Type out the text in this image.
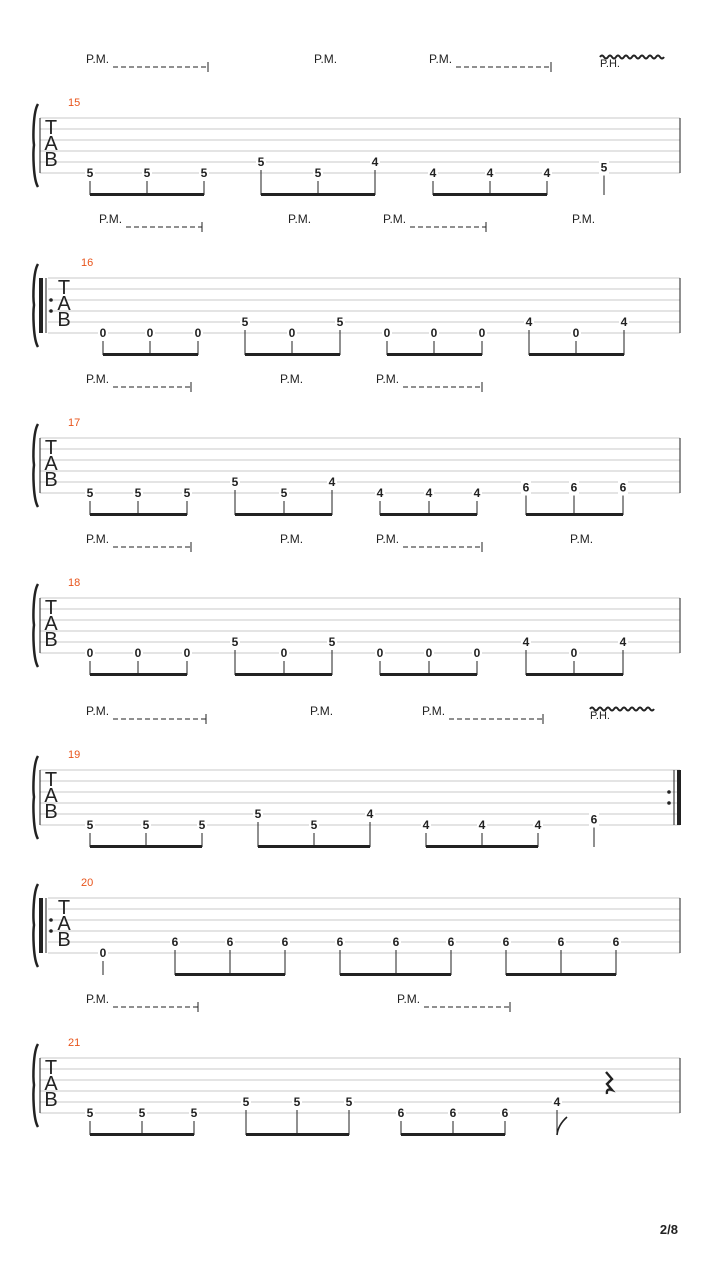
15
T
A
B
P.M.	P.M.	P.M.	P.H.
5	5	5
5
5
4
4	4	4	5
16
T
A
B
P.M.	P.M.	P.M.	P.M.
0	0	0
5
0
5
0	0	0
4
0
4
17
T
A
B
P.M.	P.M.	P.M.
5	5	5
5
5
4
4	4	4	6	6	6
18
T
A
B
P.M.	P.M.	P.M.	P.M.
0	0	0
5
0
5
0	0	0
4
0
4
19
T
A
B
P.M.	P.M.	P.M.	P.H.
5	5	5
5
5
4
4	4	4	6
20
T
A
B
0
6	6	6	6	6	6	6	6	6
21
T
A
B
P.M.	P.M.
5	5	5
5	5	5
6	6	6
4
2/8
